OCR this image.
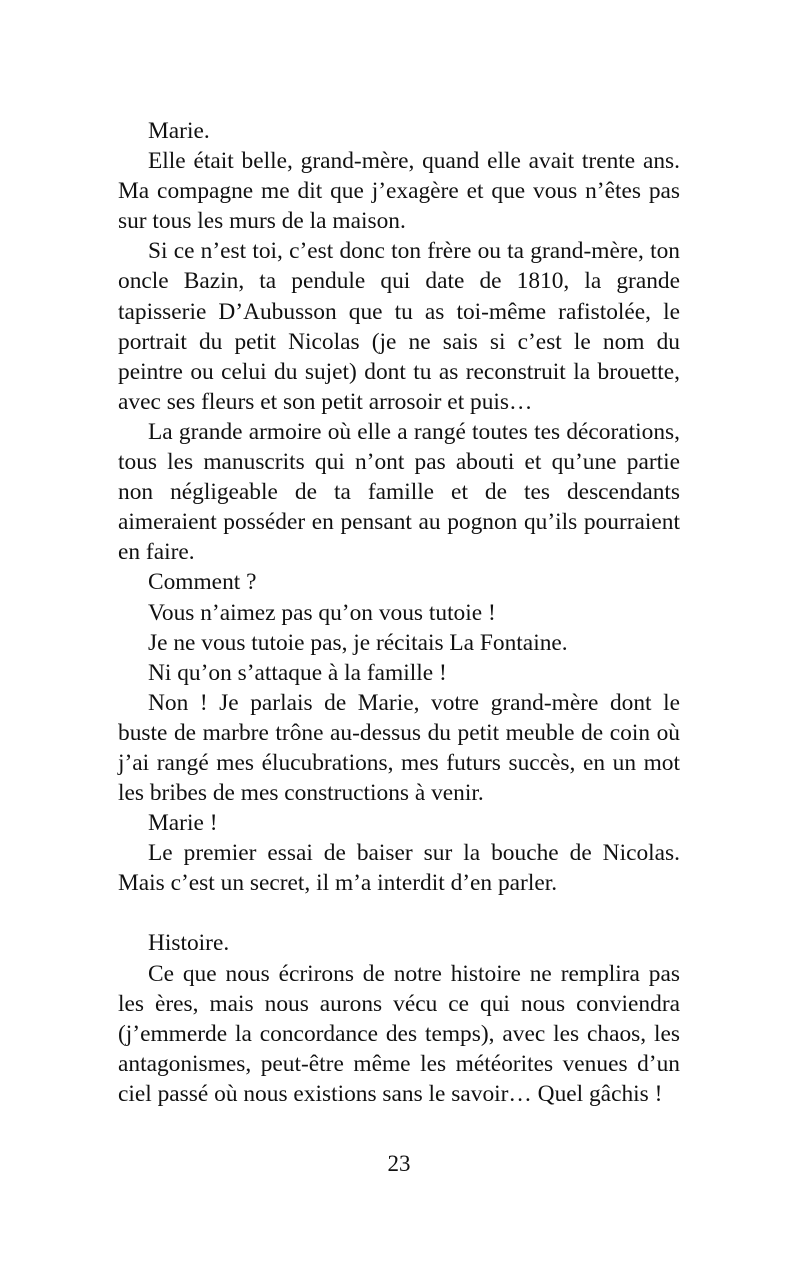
Marie.

Elle était belle, grand-mère, quand elle avait trente ans. Ma compagne me dit que j’exagère et que vous n’êtes pas sur tous les murs de la maison.

Si ce n’est toi, c’est donc ton frère ou ta grand-mère, ton oncle Bazin, ta pendule qui date de 1810, la grande tapisserie D’Aubusson que tu as toi-même rafistolée, le portrait du petit Nicolas (je ne sais si c’est le nom du peintre ou celui du sujet) dont tu as reconstruit la brouette, avec ses fleurs et son petit arrosoir et puis…

La grande armoire où elle a rangé toutes tes décorations, tous les manuscrits qui n’ont pas abouti et qu’une partie non négligeable de ta famille et de tes descendants aimeraient posséder en pensant au pognon qu’ils pourraient en faire.

Comment ?

Vous n’aimez pas qu’on vous tutoie !

Je ne vous tutoie pas, je récitais La Fontaine.

Ni qu’on s’attaque à la famille !

Non ! Je parlais de Marie, votre grand-mère dont le buste de marbre trône au-dessus du petit meuble de coin où j’ai rangé mes élucubrations, mes futurs succès, en un mot les bribes de mes constructions à venir.

Marie !

Le premier essai de baiser sur la bouche de Nicolas. Mais c’est un secret, il m’a interdit d’en parler.

Histoire.

Ce que nous écrirons de notre histoire ne remplira pas les ères, mais nous aurons vécu ce qui nous conviendra (j’emmerde la concordance des temps), avec les chaos, les antagonismes, peut-être même les météorites venues d’un ciel passé où nous existions sans le savoir… Quel gâchis !

23
